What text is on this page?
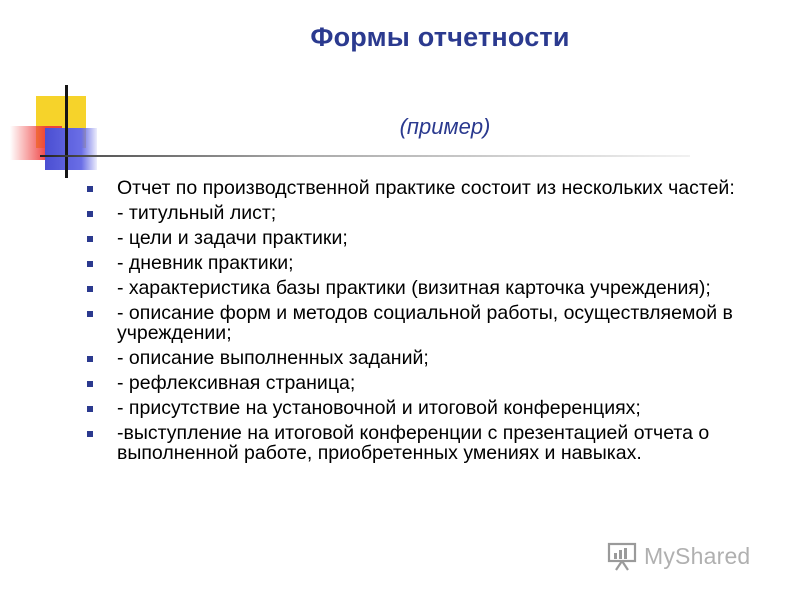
Формы отчетности
(пример)
Отчет по производственной практике состоит из нескольких частей:
- титульный лист;
- цели и задачи практики;
- дневник практики;
- характеристика базы практики (визитная карточка учреждения);
- описание форм и методов социальной работы, осуществляемой в учреждении;
- описание выполненных заданий;
- рефлексивная страница;
- присутствие на установочной и итоговой конференциях;
-выступление на итоговой конференции с презентацией отчета о выполненной работе, приобретенных умениях и навыках.
MyShared
